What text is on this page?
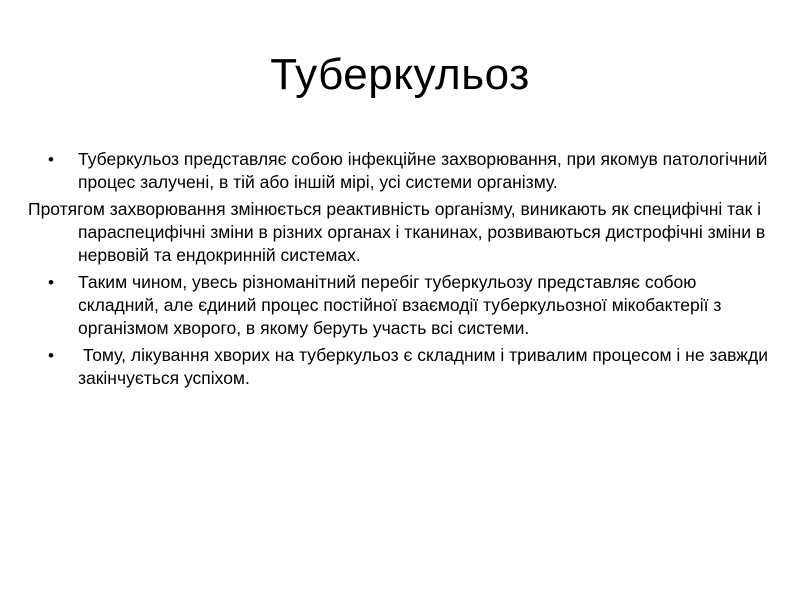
Туберкульоз
•	Туберкульоз представляє собою інфекційне захворювання, при якомув патологічний процес залучені, в тій або іншій мірі, усі системи організму.
Протягом захворювання змінюється реактивність організму, виникають як специфічні так і параспецифічні зміни в різних органах і тканинах, розвиваються дистрофічні зміни в нервовій та ендокринній системах.
•	Таким чином, увесь різноманітний перебіг туберкульозу представляє собою складний, але єдиний процес постійної взаємодії туберкульозної мікобактерії з організмом хворого, в якому беруть участь всі системи.
•	Тому, лікування хворих на туберкульоз є складним і тривалим процесом і не завжди закінчується успіхом.
